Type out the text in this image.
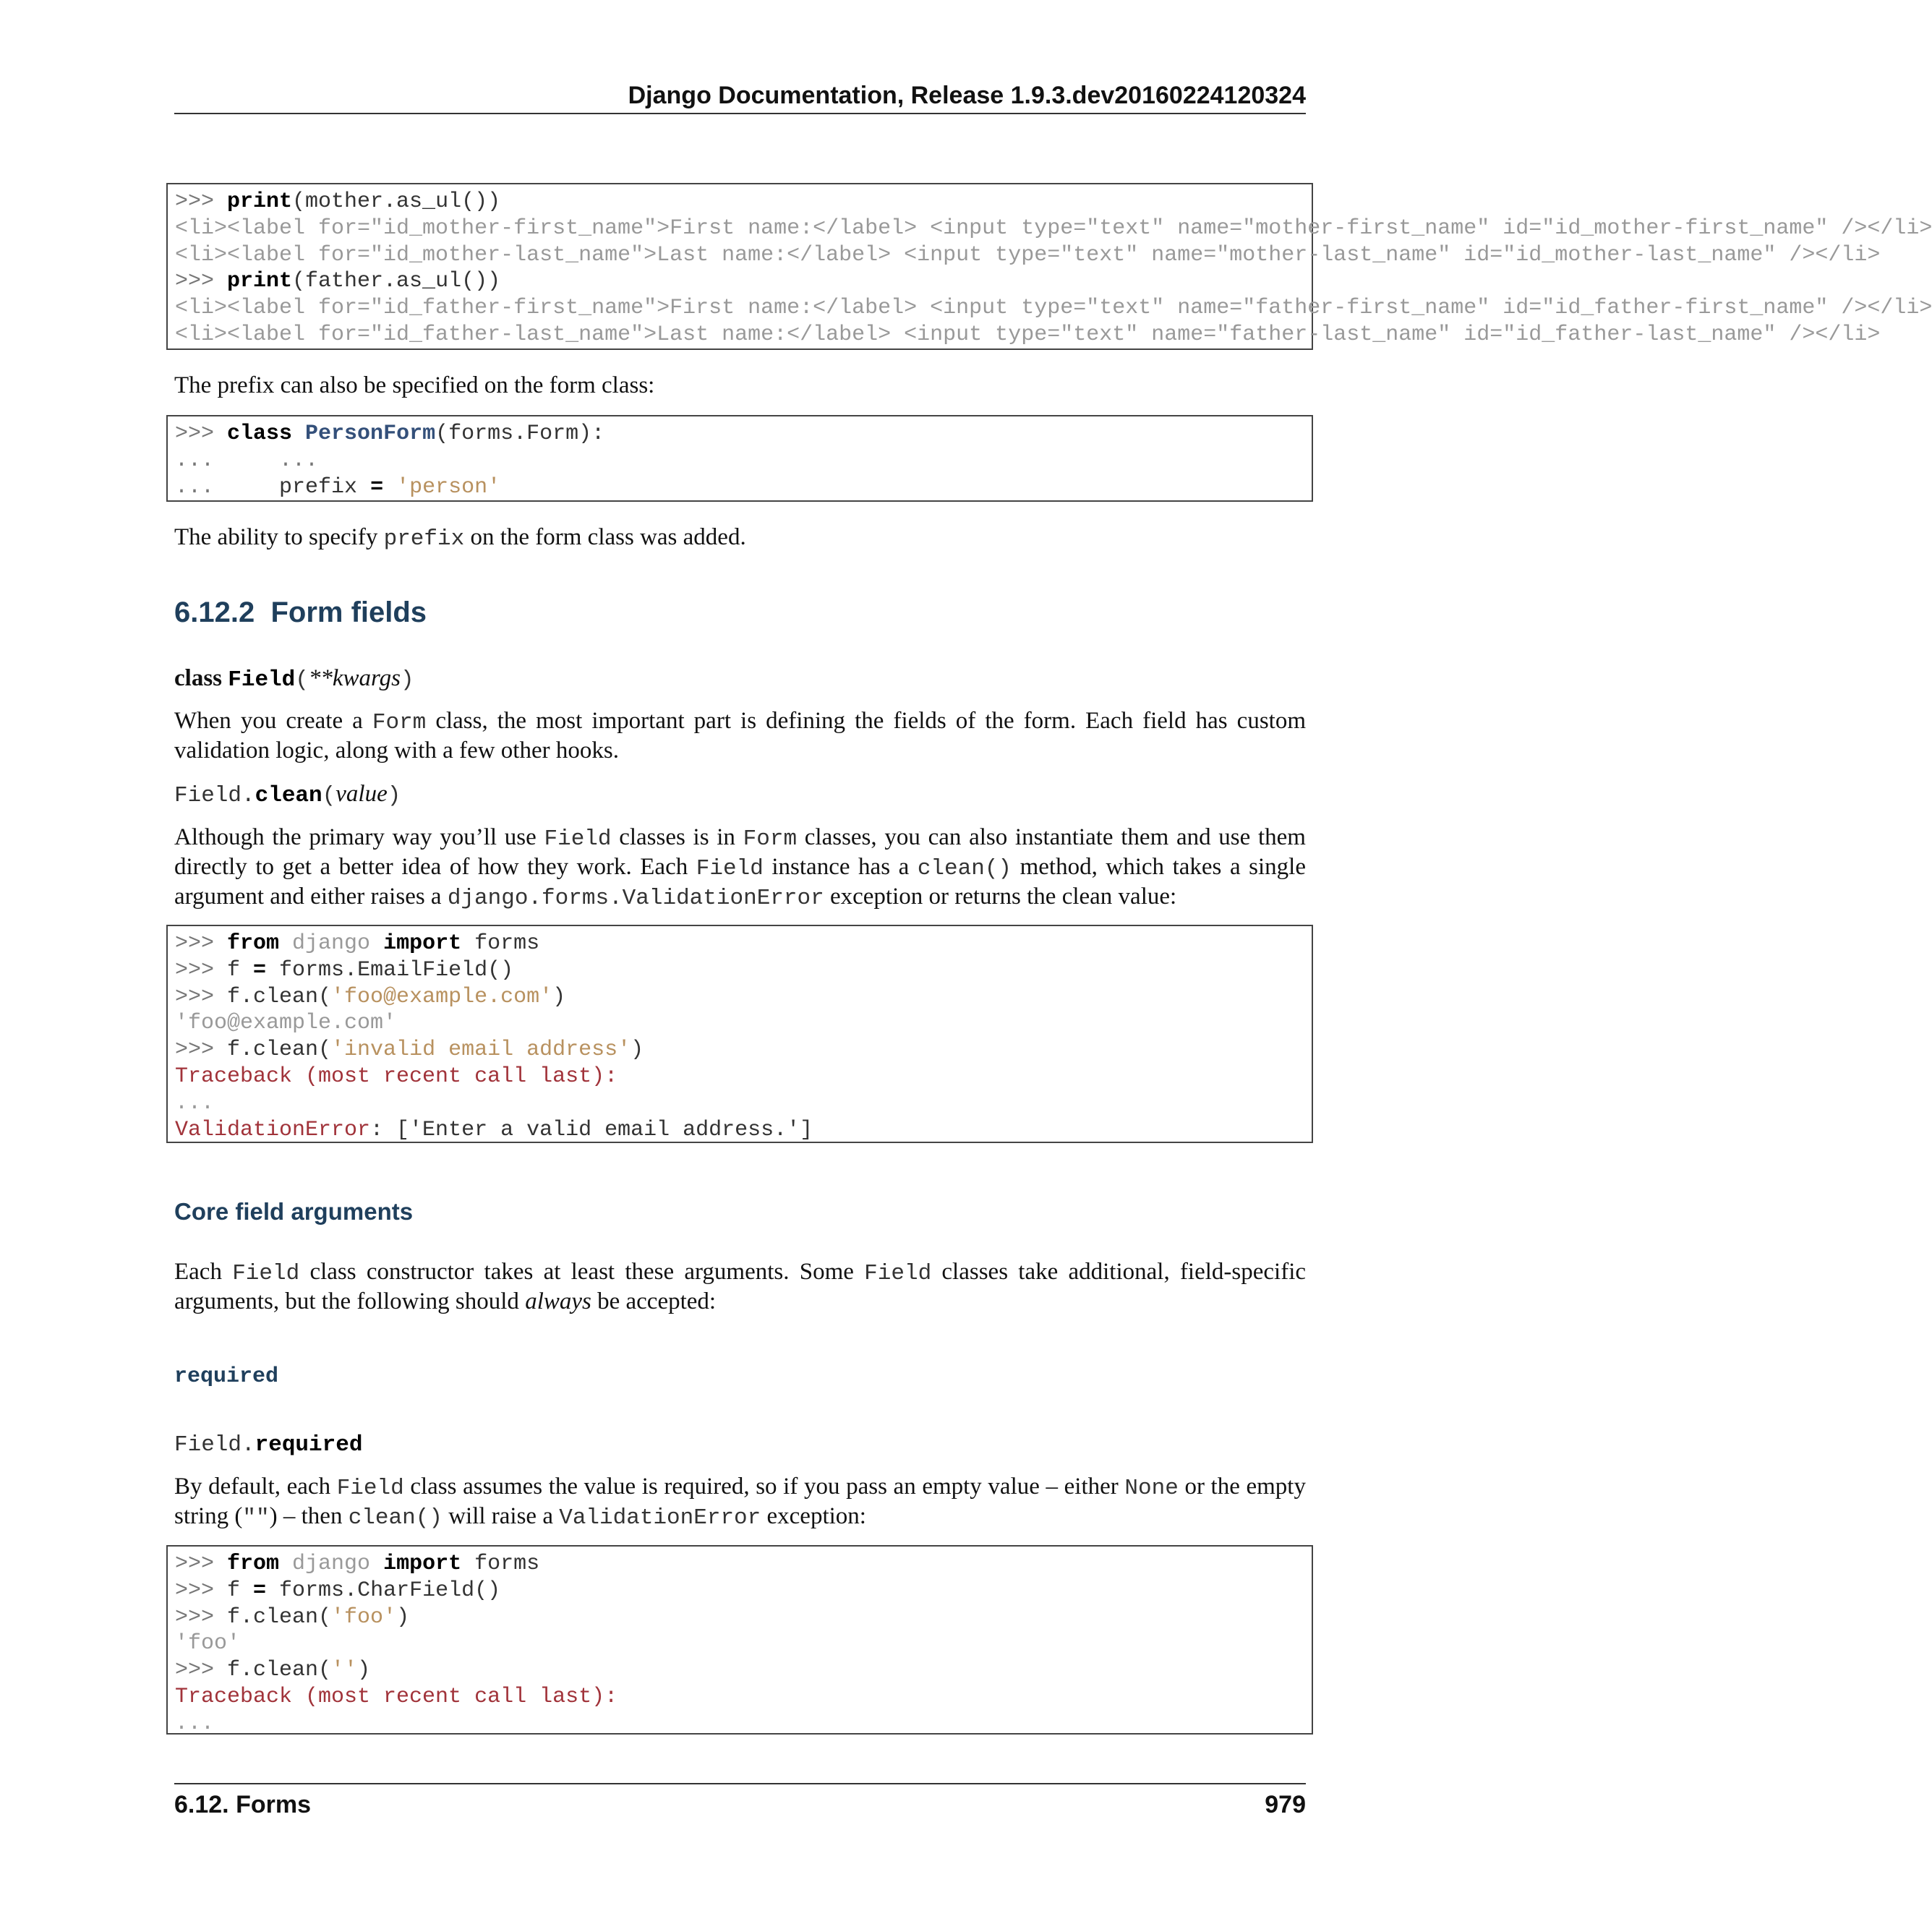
Django Documentation, Release 1.9.3.dev20160224120324
>>> print(mother.as_ul())
<li><label for="id_mother-first_name">First name:</label> <input type="text" name="mother-first_name" id="id_mother-first_name" /></li>
<li><label for="id_mother-last_name">Last name:</label> <input type="text" name="mother-last_name" id="id_mother-last_name" /></li>
>>> print(father.as_ul())
<li><label for="id_father-first_name">First name:</label> <input type="text" name="father-first_name" id="id_father-first_name" /></li>
<li><label for="id_father-last_name">Last name:</label> <input type="text" name="father-last_name" id="id_father-last_name" /></li>
The prefix can also be specified on the form class:
>>> class PersonForm(forms.Form):
...     ...
...     prefix = 'person'
The ability to specify prefix on the form class was added.
6.12.2 Form fields
class Field(**kwargs)
When you create a Form class, the most important part is defining the fields of the form. Each field has custom validation logic, along with a few other hooks.
Field.clean(value)
Although the primary way you’ll use Field classes is in Form classes, you can also instantiate them and use them directly to get a better idea of how they work. Each Field instance has a clean() method, which takes a single argument and either raises a django.forms.ValidationError exception or returns the clean value:
>>> from django import forms
>>> f = forms.EmailField()
>>> f.clean('foo@example.com')
'foo@example.com'
>>> f.clean('invalid email address')
Traceback (most recent call last):
...
ValidationError: ['Enter a valid email address.']
Core field arguments
Each Field class constructor takes at least these arguments. Some Field classes take additional, field-specific arguments, but the following should always be accepted:
required
Field.required
By default, each Field class assumes the value is required, so if you pass an empty value – either None or the empty string ("") – then clean() will raise a ValidationError exception:
>>> from django import forms
>>> f = forms.CharField()
>>> f.clean('foo')
'foo'
>>> f.clean('')
Traceback (most recent call last):
...
6.12. Forms	979
